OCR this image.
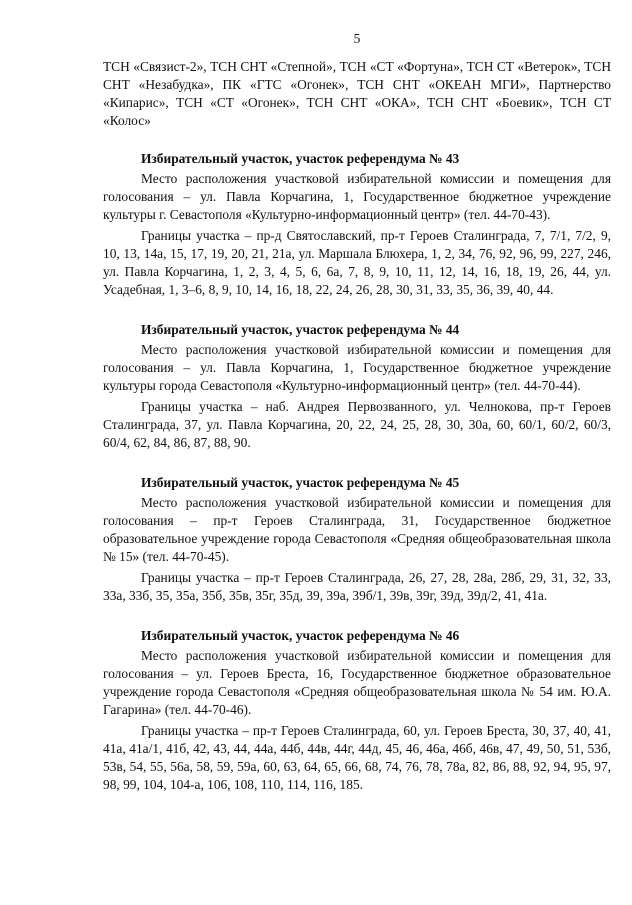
5

ТСН «Связист-2», ТСН СНТ «Степной», ТСН «СТ «Фортуна», ТСН СТ «Ветерок», ТСН СНТ «Незабудка», ПК «ГТС «Огонек», ТСН СНТ «ОКЕАН МГИ», Партнерство «Кипарис», ТСН «СТ «Огонек», ТСН СНТ «ОКА», ТСН СНТ «Боевик», ТСН СТ «Колос»

Избирательный участок, участок референдума № 43

Место расположения участковой избирательной комиссии и помещения для голосования – ул. Павла Корчагина, 1, Государственное бюджетное учреждение культуры г. Севастополя «Культурно-информационный центр» (тел. 44-70-43).

Границы участка – пр-д Святославский, пр-т Героев Сталинграда, 7, 7/1, 7/2, 9, 10, 13, 14а, 15, 17, 19, 20, 21, 21а, ул. Маршала Блюхера, 1, 2, 34, 76, 92, 96, 99, 227, 246, ул. Павла Корчагина, 1, 2, 3, 4, 5, 6, 6а, 7, 8, 9, 10, 11, 12, 14, 16, 18, 19, 26, 44, ул. Усадебная, 1, 3–6, 8, 9, 10, 14, 16, 18, 22, 24, 26, 28, 30, 31, 33, 35, 36, 39, 40, 44.

Избирательный участок, участок референдума № 44

Место расположения участковой избирательной комиссии и помещения для голосования – ул. Павла Корчагина, 1, Государственное бюджетное учреждение культуры города Севастополя «Культурно-информационный центр» (тел. 44-70-44).

Границы участка – наб. Андрея Первозванного, ул. Челнокова, пр-т Героев Сталинграда, 37, ул. Павла Корчагина, 20, 22, 24, 25, 28, 30, 30а, 60, 60/1, 60/2, 60/3, 60/4, 62, 84, 86, 87, 88, 90.

Избирательный участок, участок референдума № 45

Место расположения участковой избирательной комиссии и помещения для голосования – пр-т Героев Сталинграда, 31, Государственное бюджетное образовательное учреждение города Севастополя «Средняя общеобразовательная школа № 15» (тел. 44-70-45).

Границы участка – пр-т Героев Сталинграда, 26, 27, 28, 28а, 28б, 29, 31, 32, 33, 33а, 33б, 35, 35а, 35б, 35в, 35г, 35д, 39, 39а, 39б/1, 39в, 39г, 39д, 39д/2, 41, 41а.

Избирательный участок, участок референдума № 46

Место расположения участковой избирательной комиссии и помещения для голосования – ул. Героев Бреста, 16, Государственное бюджетное образовательное учреждение города Севастополя «Средняя общеобразовательная школа № 54 им. Ю.А. Гагарина» (тел. 44-70-46).

Границы участка – пр-т Героев Сталинграда, 60, ул. Героев Бреста, 30, 37, 40, 41, 41а, 41а/1, 41б, 42, 43, 44, 44а, 44б, 44в, 44г, 44д, 45, 46, 46а, 46б, 46в, 47, 49, 50, 51, 53б, 53в, 54, 55, 56а, 58, 59, 59а, 60, 63, 64, 65, 66, 68, 74, 76, 78, 78а, 82, 86, 88, 92, 94, 95, 97, 98, 99, 104, 104-а, 106, 108, 110, 114, 116, 185.
